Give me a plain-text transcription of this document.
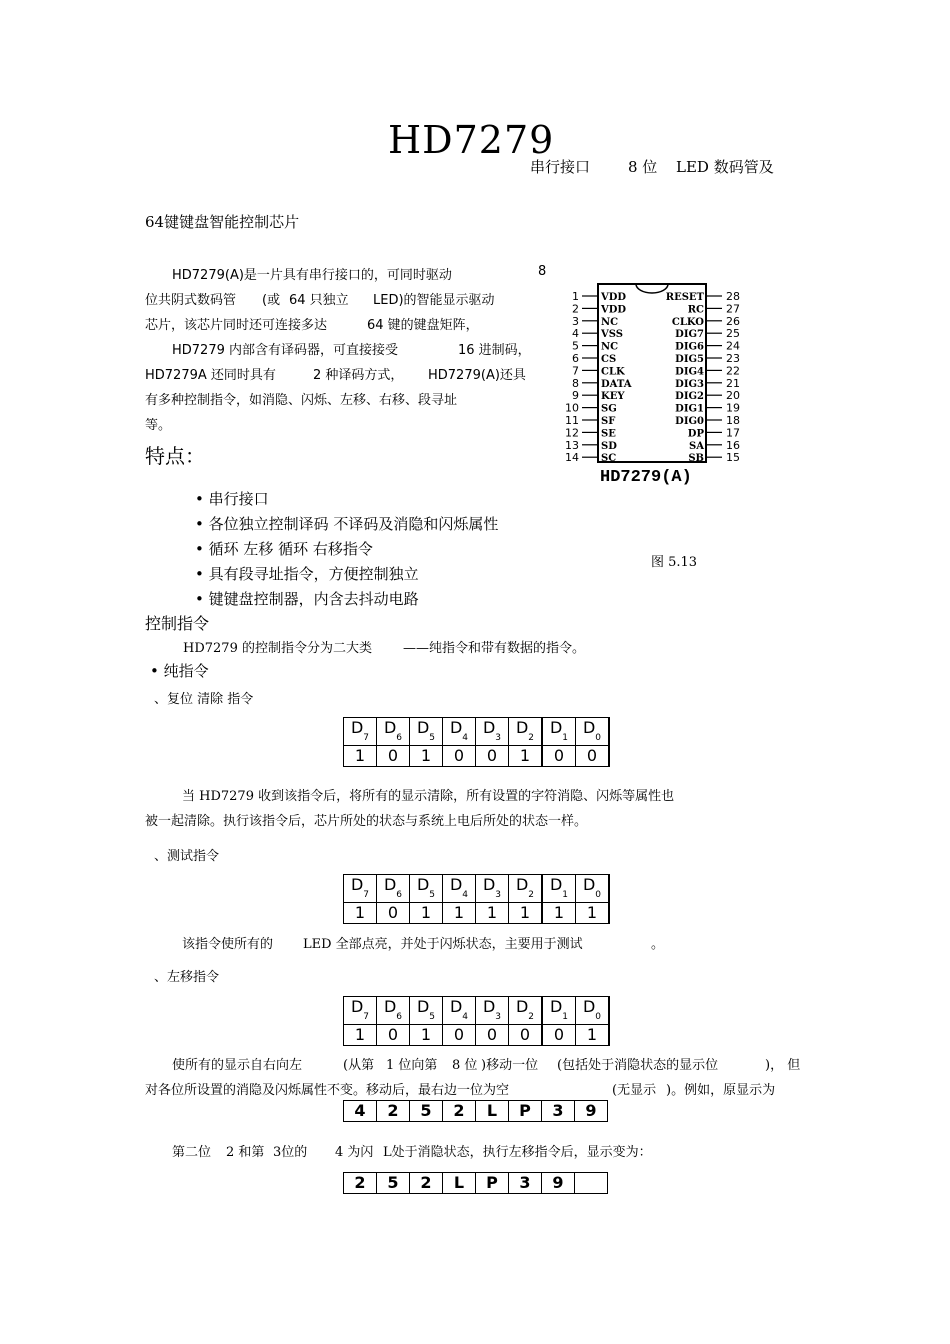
HD7279
串行接口	8 位 LED 数码管及
64键键盘智能控制芯片
HD7279(A)是一片具有串行接口的，可同时驱动	8
位共阴式数码管 (或 64 只独立 LED)的智能显示驱动
芯片，该芯片同时还可连接多达	64 键的键盘矩阵，
HD7279 内部含有译码器，可直接接受	16 进制码，
HD7279A 还同时具有	2 种译码方式， HD7279(A)还具
有多种控制指令，如消隐、闪烁、左移、右移、段寻址
等。
特点：
• 串行接口
• 各位独立控制译码 不译码及消隐和闪烁属性
• 循环 左移 循环 右移指令
• 具有段寻址指令，方便控制独立
• 键键盘控制器，内含去抖动电路
1 VDD
2 VDD
3 NC
4 VSS
5 NC
6 CS
7 CLK
8 DATA
9 KEY
10 SG
11 SF
12 SE
13 SD
14 SC
RESET 28
RC 27
CLKO 26
DIG7 25
DIG6 24
DIG5 23
DIG4 22
DIG3 21
DIG2 20
DIG1 19
DIG0 18
DP 17
SA 16
SB 15
HD7279(A)
图 5.13
控制指令
HD7279 的控制指令分为二大类 ——纯指令和带有数据的指令。
• 纯指令
、复位 清除 指令
$D_7$	$D_6$	$D_5$	$D_4$	$D_3$	$D_2$	$D_1$	$D_0$
1	0	1	0	0	1	0	0
当 HD7279 收到该指令后，将所有的显示清除，所有设置的字符消隐、闪烁等属性也
被一起清除。执行该指令后，芯片所处的状态与系统上电后所处的状态一样。
、测试指令
$D_7$	$D_6$	$D_5$	$D_4$	$D_3$	$D_2$	$D_1$	$D_0$
1	0	1	1	1	1	1	1
该指令使所有的 LED 全部点亮，并处于闪烁状态，主要用于测试	。
、左移指令
$D_7$	$D_6$	$D_5$	$D_4$	$D_3$	$D_2$	$D_1$	$D_0$
1	0	1	0	0	0	0	1
使所有的显示自右向左	(从第 1 位向第 8 位 )移动一位 (包括处于消隐状态的显示位	)， 但
对各位所设置的消隐及闪烁属性不变。移动后，最右边一位为空	(无显示 )。例如，原显示为
4	2	5	2	L	P	3	9
第二位 2 和第 3位的 4 为闪 L处于消隐状态，执行左移指令后，显示变为：
2	5	2	L	P	3	9	
